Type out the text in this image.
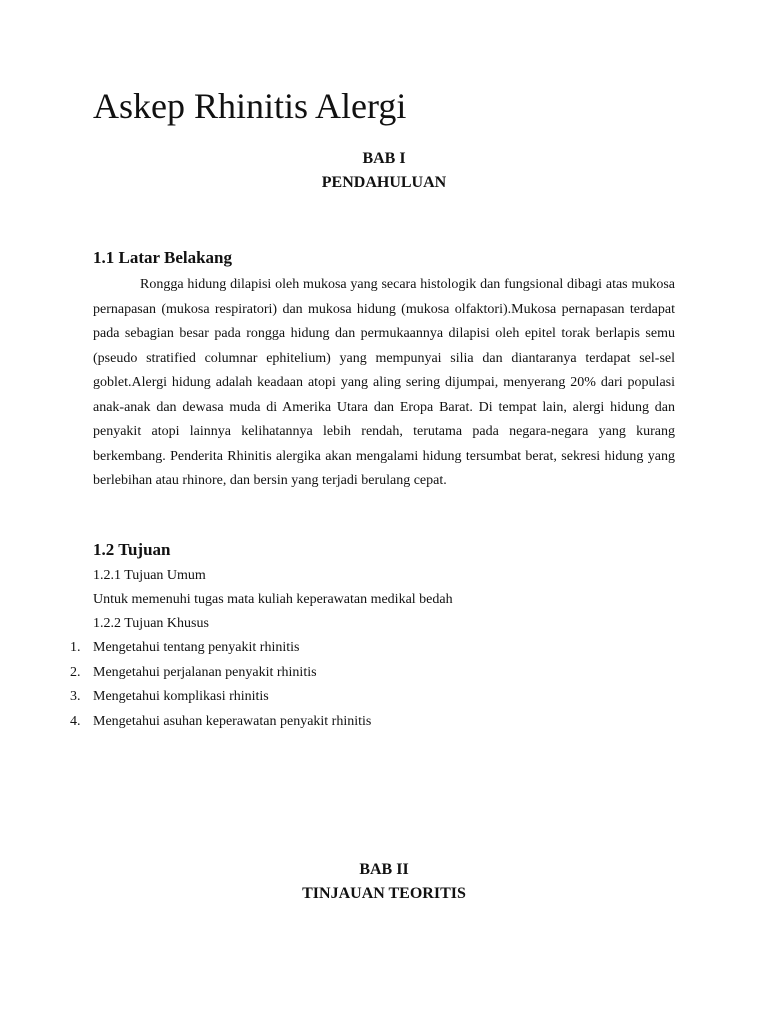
Askep Rhinitis Alergi
BAB I
PENDAHULUAN
1.1 Latar Belakang

Rongga hidung dilapisi oleh mukosa yang secara histologik dan fungsional dibagi atas mukosa pernapasan (mukosa respiratori) dan mukosa hidung (mukosa olfaktori).Mukosa pernapasan terdapat pada sebagian besar pada rongga hidung dan permukaannya dilapisi oleh epitel torak berlapis semu (pseudo stratified columnar ephitelium) yang mempunyai silia dan diantaranya terdapat sel-sel goblet.Alergi hidung adalah keadaan atopi yang aling sering dijumpai, menyerang 20% dari populasi anak-anak dan dewasa muda di Amerika Utara dan Eropa Barat. Di tempat lain, alergi hidung dan penyakit atopi lainnya kelihatannya lebih rendah, terutama pada negara-negara yang kurang berkembang. Penderita Rhinitis alergika akan mengalami hidung tersumbat berat, sekresi hidung yang berlebihan atau rhinore, dan bersin yang terjadi berulang cepat.

1.2 Tujuan
1.2.1 Tujuan Umum
Untuk memenuhi tugas mata kuliah keperawatan medikal bedah
1.2.2 Tujuan Khusus
1. Mengetahui tentang penyakit rhinitis
2. Mengetahui perjalanan penyakit rhinitis
3. Mengetahui komplikasi rhinitis
4. Mengetahui asuhan keperawatan penyakit rhinitis
BAB II
TINJAUAN TEORITIS
